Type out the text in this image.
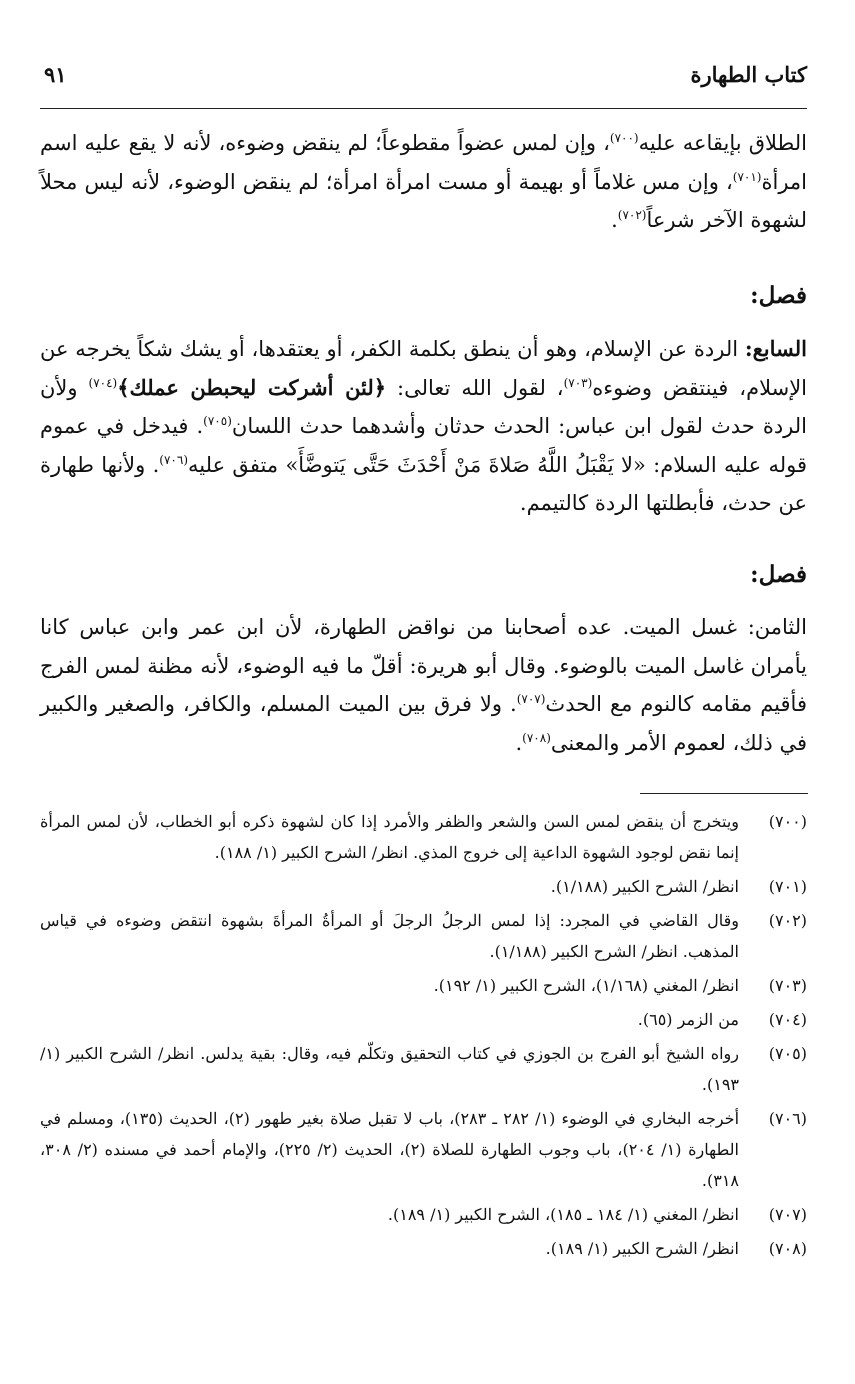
كتاب الطهارة
٩١

الطلاق بإيقاعه عليه$^{(٧٠٠)}$، وإن لمس عضواً مقطوعاً؛ لم ينقض وضوءه، لأنه لا يقع عليه اسم امرأة$^{(٧٠١)}$، وإن مس غلاماً أو بهيمة أو مست امرأة امرأة؛ لم ينقض الوضوء، لأنه ليس محلاً لشهوة الآخر شرعاً$^{(٧٠٢)}$.

فصل:

السابع: الردة عن الإسلام، وهو أن ينطق بكلمة الكفر، أو يعتقدها، أو يشك شكاً يخرجه عن الإسلام، فينتقض وضوءه$^{(٧٠٣)}$، لقول الله تعالى: ﴿لئن أشركت ليحبطن عملك﴾$^{(٧٠٤)}$ ولأن الردة حدث لقول ابن عباس: الحدث حدثان وأشدهما حدث اللسان$^{(٧٠٥)}$. فيدخل في عموم قوله عليه السلام: «لا يَقْبَلُ اللَّهُ صَلاةَ مَنْ أَحْدَثَ حَتَّى يَتوضَّأَ» متفق عليه$^{(٧٠٦)}$. ولأنها طهارة عن حدث، فأبطلتها الردة كالتيمم.

فصل:

الثامن: غسل الميت. عده أصحابنا من نواقض الطهارة، لأن ابن عمر وابن عباس كانا يأمران غاسل الميت بالوضوء. وقال أبو هريرة: أقلّ ما فيه الوضوء، لأنه مظنة لمس الفرج فأقيم مقامه كالنوم مع الحدث$^{(٧٠٧)}$. ولا فرق بين الميت المسلم، والكافر، والصغير والكبير في ذلك، لعموم الأمر والمعنى$^{(٧٠٨)}$.

(٧٠٠)
ويتخرج أن ينقض لمس السن والشعر والظفر والأمرد إذا كان لشهوة ذكره أبو الخطاب، لأن لمس المرأة إنما نقض لوجود الشهوة الداعية إلى خروج المذي. انظر/ الشرح الكبير (١/ ١٨٨).

(٧٠١)
انظر/ الشرح الكبير (١/١٨٨).

(٧٠٢)
وقال القاضي في المجرد: إذا لمس الرجلُ الرجلَ أو المرأةُ المرأةَ بشهوة انتقض وضوءه في قياس المذهب. انظر/ الشرح الكبير (١/١٨٨).

(٧٠٣)
انظر/ المغني (١/١٦٨)، الشرح الكبير (١/ ١٩٢).

(٧٠٤)
من الزمر (٦٥).

(٧٠٥)
رواه الشيخ أبو الفرج بن الجوزي في كتاب التحقيق وتكلّم فيه، وقال: بقية يدلس. انظر/ الشرح الكبير (١/ ١٩٣).

(٧٠٦)
أخرجه البخاري في الوضوء (١/ ٢٨٢ ـ ٢٨٣)، باب لا تقبل صلاة بغير طهور (٢)، الحديث (١٣٥)، ومسلم في الطهارة (١/ ٢٠٤)، باب وجوب الطهارة للصلاة (٢)، الحديث (٢/ ٢٢٥)، والإمام أحمد في مسنده (٢/ ٣٠٨، ٣١٨).

(٧٠٧)
انظر/ المغني (١/ ١٨٤ ـ ١٨٥)، الشرح الكبير (١/ ١٨٩).

(٧٠٨)
انظر/ الشرح الكبير (١/ ١٨٩).
